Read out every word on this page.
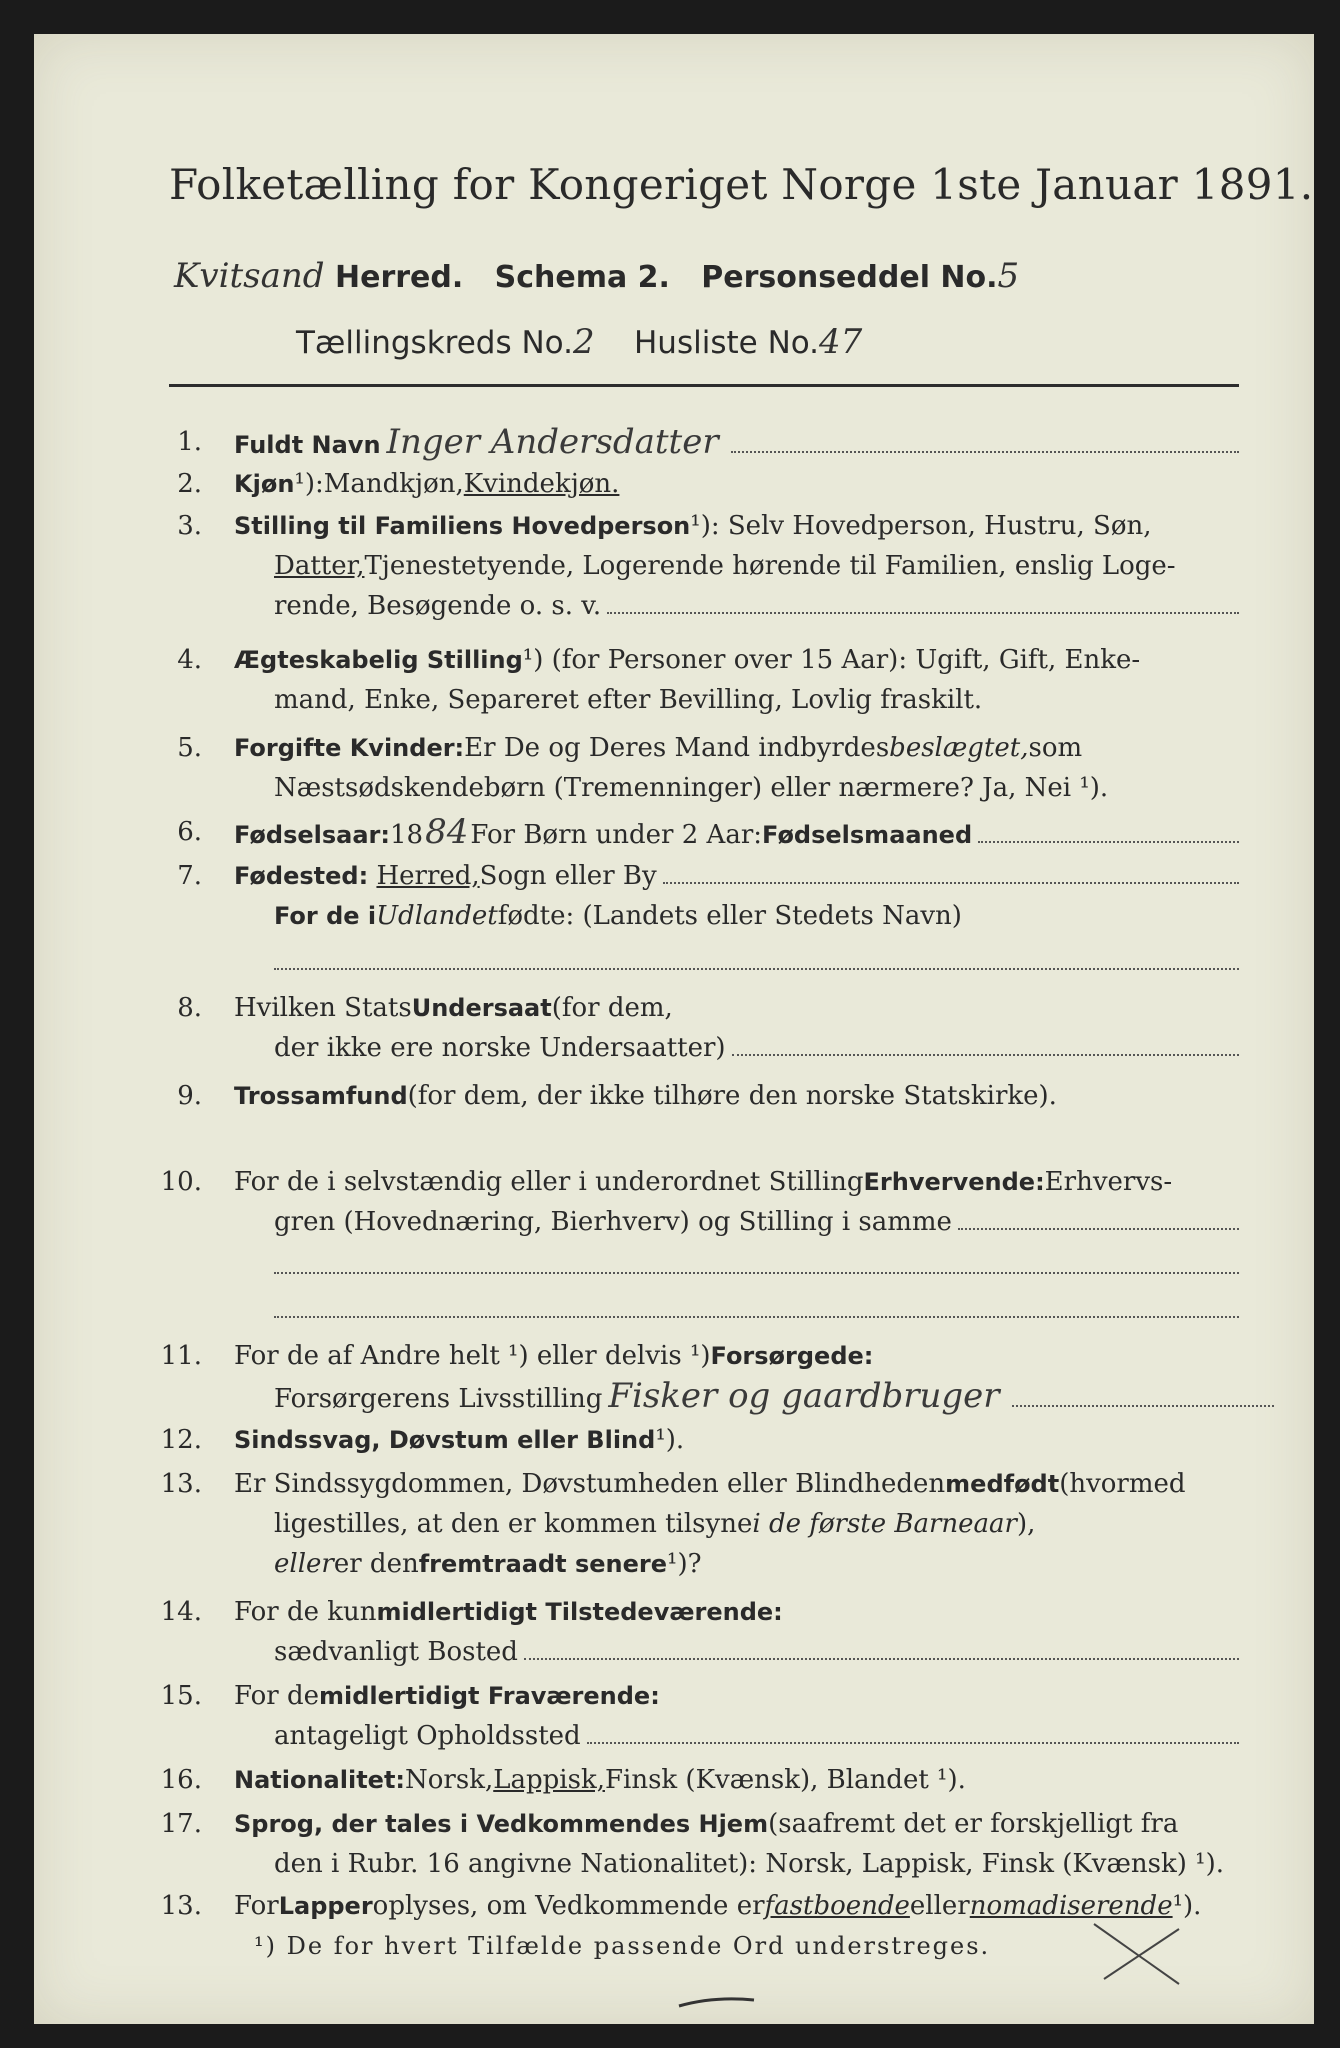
Folketælling for Kongeriget Norge 1ste Januar 1891.
Kvitsand Herred. Schema 2. Personseddel No.5
Tællingskreds No.2 Husliste No.47
1. Fuldt Navn Inger Andersdatter
2. Kjøn ¹): Mandkjøn, Kvindekjøn.
3. Stilling til Familiens Hovedperson ¹): Selv Hovedperson, Hustru, Søn,
Datter, Tjenestetyende, Logerende hørende til Familien, enslig Loge-
rende, Besøgende o. s. v.
4. Ægteskabelig Stilling ¹) (for Personer over 15 Aar): Ugift, Gift, Enke-
mand, Enke, Separeret efter Bevilling, Lovlig fraskilt.
5. For gifte Kvinder: Er De og Deres Mand indbyrdes beslægtet, som
Næstsødskendebørn (Tremenninger) eller nærmere? Ja, Nei ¹).
6. Fødselsaar: 18 84 For Børn under 2 Aar: Fødselsmaaned
7. Fødested:
Herred, Sogn eller By
For de i Udlandet fødte: (Landets eller Stedets Navn)
8. Hvilken Stats Undersaat (for dem,
der ikke ere norske Undersaatter)
9. Trossamfund (for dem, der ikke tilhøre den norske Statskirke).
10. For de i selvstændig eller i underordnet Stilling Erhvervende: Erhvervs-
gren (Hovednæring, Bierhverv) og Stilling i samme
11. For de af Andre helt ¹) eller delvis ¹) Forsørgede:
Forsørgerens Livsstilling Fisker og gaardbruger
12. Sindssvag, Døvstum eller Blind ¹).
13. Er Sindssygdommen, Døvstumheden eller Blindheden medfødt (hvormed
ligestilles, at den er kommen tilsyne i de første Barneaar ),
eller er den fremtraadt senere ¹)?
14. For de kun midlertidigt Tilstedeværende:
sædvanligt Bosted
15. For de midlertidigt Fraværende:
antageligt Opholdssted
16. Nationalitet: Norsk, Lappisk, Finsk (Kvænsk), Blandet ¹).
17. Sprog, der tales i Vedkommendes Hjem (saafremt det er forskjelligt fra
den i Rubr. 16 angivne Nationalitet): Norsk, Lappisk, Finsk (Kvænsk) ¹).
13. For Lapper oplyses, om Vedkommende er fastboende eller nomadiserende ¹).
¹) De for hvert Tilfælde passende Ord understreges.
